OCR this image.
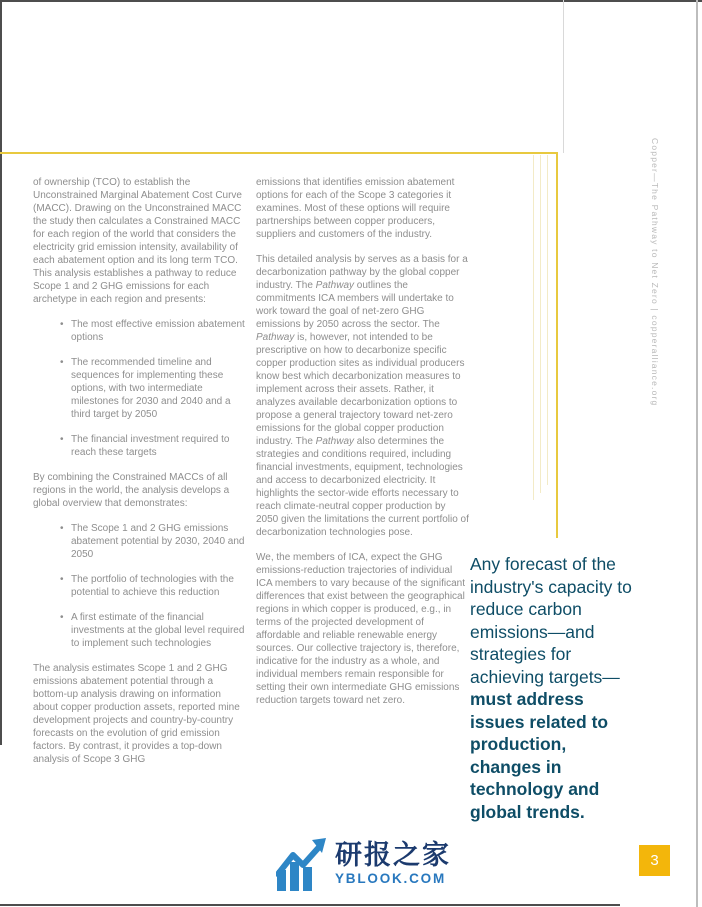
Copper—The Pathway to Net Zero | copperalliance.org

of ownership (TCO) to establish the Unconstrained Marginal Abatement Cost Curve (MACC). Drawing on the Unconstrained MACC the study then calculates a Constrained MACC for each region of the world that considers the electricity grid emission intensity, availability of each abatement option and its long term TCO. This analysis establishes a pathway to reduce Scope 1 and 2 GHG emissions for each archetype in each region and presents:

• The most effective emission abatement options
• The recommended timeline and sequences for implementing these options, with two intermediate milestones for 2030 and 2040 and a third target by 2050
• The financial investment required to reach these targets

By combining the Constrained MACCs of all regions in the world, the analysis develops a global overview that demonstrates:

• The Scope 1 and 2 GHG emissions abatement potential by 2030, 2040 and 2050
• The portfolio of technologies with the potential to achieve this reduction
• A first estimate of the financial investments at the global level required to implement such technologies

The analysis estimates Scope 1 and 2 GHG emissions abatement potential through a bottom-up analysis drawing on information about copper production assets, reported mine development projects and country-by-country forecasts on the evolution of grid emission factors. By contrast, it provides a top-down analysis of Scope 3 GHG

emissions that identifies emission abatement options for each of the Scope 3 categories it examines. Most of these options will require partnerships between copper producers, suppliers and customers of the industry.

This detailed analysis by serves as a basis for a decarbonization pathway by the global copper industry. The Pathway outlines the commitments ICA members will undertake to work toward the goal of net-zero GHG emissions by 2050 across the sector. The Pathway is, however, not intended to be prescriptive on how to decarbonize specific copper production sites as individual producers know best which decarbonization measures to implement across their assets. Rather, it analyzes available decarbonization options to propose a general trajectory toward net-zero emissions for the global copper production industry. The Pathway also determines the strategies and conditions required, including financial investments, equipment, technologies and access to decarbonized electricity. It highlights the sector-wide efforts necessary to reach climate-neutral copper production by 2050 given the limitations the current portfolio of decarbonization technologies pose.

We, the members of ICA, expect the GHG emissions-reduction trajectories of individual ICA members to vary because of the significant differences that exist between the geographical regions in which copper is produced, e.g., in terms of the projected development of affordable and reliable renewable energy sources. Our collective trajectory is, therefore, indicative for the industry as a whole, and individual members remain responsible for setting their own intermediate GHG emissions reduction targets toward net zero.

Any forecast of the industry's capacity to reduce carbon emissions—and strategies for achieving targets—
must address issues related to production, changes in technology and global trends.
3
研报之家
YBLOOK.COM
